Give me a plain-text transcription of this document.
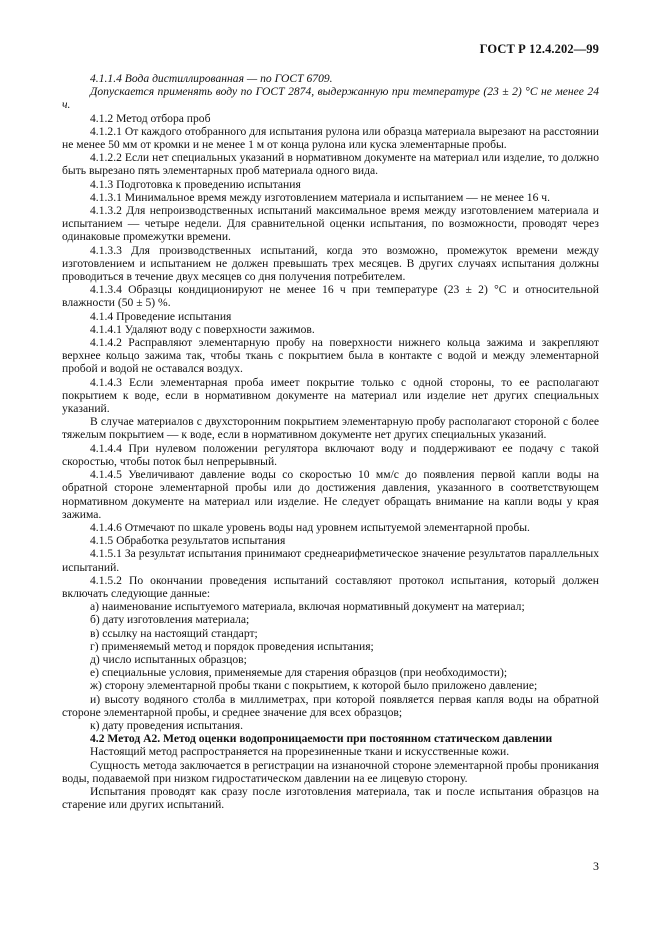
ГОСТ Р 12.4.202—99

4.1.1.4 Вода дистиллированная — по ГОСТ 6709.

Допускается применять воду по ГОСТ 2874, выдержанную при температуре (23 ± 2) °С не менее 24 ч.

4.1.2 Метод отбора проб

4.1.2.1 От каждого отобранного для испытания рулона или образца материала вырезают на расстоянии не менее 50 мм от кромки и не менее 1 м от конца рулона или куска элементарные пробы.

4.1.2.2 Если нет специальных указаний в нормативном документе на материал или изделие, то должно быть вырезано пять элементарных проб материала одного вида.

4.1.3 Подготовка к проведению испытания

4.1.3.1 Минимальное время между изготовлением материала и испытанием — не менее 16 ч.

4.1.3.2 Для непроизводственных испытаний максимальное время между изготовлением материала и испытанием — четыре недели. Для сравнительной оценки испытания, по возможности, проводят через одинаковые промежутки времени.

4.1.3.3 Для производственных испытаний, когда это возможно, промежуток времени между изготовлением и испытанием не должен превышать трех месяцев. В других случаях испытания должны проводиться в течение двух месяцев со дня получения потребителем.

4.1.3.4 Образцы кондиционируют не менее 16 ч при температуре (23 ± 2) °С и относительной влажности (50 ± 5) %.

4.1.4 Проведение испытания

4.1.4.1 Удаляют воду с поверхности зажимов.

4.1.4.2 Расправляют элементарную пробу на поверхности нижнего кольца зажима и закрепляют верхнее кольцо зажима так, чтобы ткань с покрытием была в контакте с водой и между элементарной пробой и водой не оставался воздух.

4.1.4.3 Если элементарная проба имеет покрытие только с одной стороны, то ее располагают покрытием к воде, если в нормативном документе на материал или изделие нет других специальных указаний.

В случае материалов с двухсторонним покрытием элементарную пробу располагают стороной с более тяжелым покрытием — к воде, если в нормативном документе нет других специальных указаний.

4.1.4.4 При нулевом положении регулятора включают воду и поддерживают ее подачу с такой скоростью, чтобы поток был непрерывный.

4.1.4.5 Увеличивают давление воды со скоростью 10 мм/с до появления первой капли воды на обратной стороне элементарной пробы или до достижения давления, указанного в соответствующем нормативном документе на материал или изделие. Не следует обращать внимание на капли воды у края зажима.

4.1.4.6 Отмечают по шкале уровень воды над уровнем испытуемой элементарной пробы.

4.1.5 Обработка результатов испытания

4.1.5.1 За результат испытания принимают среднеарифметическое значение результатов параллельных испытаний.

4.1.5.2 По окончании проведения испытаний составляют протокол испытания, который должен включать следующие данные:

а) наименование испытуемого материала, включая нормативный документ на материал;

б) дату изготовления материала;

в) ссылку на настоящий стандарт;

г) применяемый метод и порядок проведения испытания;

д) число испытанных образцов;

е) специальные условия, применяемые для старения образцов (при необходимости);

ж) сторону элементарной пробы ткани с покрытием, к которой было приложено давление;

и) высоту водяного столба в миллиметрах, при которой появляется первая капля воды на обратной стороне элементарной пробы, и среднее значение для всех образцов;

к) дату проведения испытания.

4.2 Метод А2. Метод оценки водопроницаемости при постоянном статическом давлении

Настоящий метод распространяется на прорезиненные ткани и искусственные кожи.

Сущность метода заключается в регистрации на изнаночной стороне элементарной пробы проникания воды, подаваемой при низком гидростатическом давлении на ее лицевую сторону.

Испытания проводят как сразу после изготовления материала, так и после испытания образцов на старение или других испытаний.

3
